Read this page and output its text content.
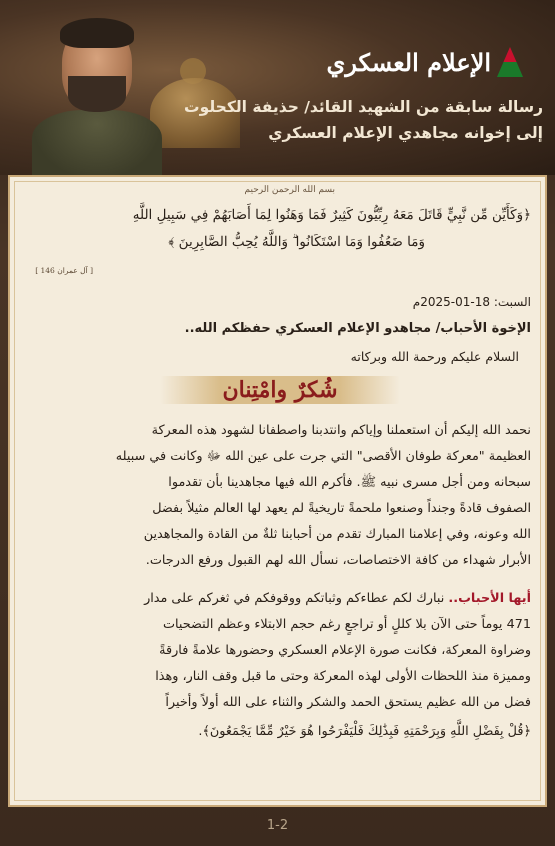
الإعلام العسكري
رسالة سابقة من الشهيد القائد/ حذيفة الكحلوت
إلى إخوانه مجاهدي الإعلام العسكري
بسم الله الرحمن الرحيم
﴿وَكَأَيِّن مِّن نَّبِيٍّ قَاتَلَ مَعَهُ رِبِّيُّونَ كَثِيرٌ فَمَا وَهَنُوا لِمَا أَصَابَهُمْ فِي سَبِيلِ اللَّهِ
وَمَا ضَعُفُوا وَمَا اسْتَكَانُوا ۗ وَاللَّهُ يُحِبُّ الصَّابِرِينَ ﴾
[ آل عمران 146 ]
السبت: 18-01-2025م
الإخوة الأحباب/ مجاهدو الإعلام العسكري حفظكم الله..
السلام عليكم ورحمة الله وبركاته
شُكرٌ وامْتِنان
نحمد الله إليكم أن استعملنا وإياكم وانتدبنا واصطفانا لشهود هذه المعركة
العظيمة "معركة طوفان الأقصى" التي جرت على عين الله ﷻ وكانت في سبيله
سبحانه ومن أجل مسرى نبيه ﷺ. فأكرم الله فيها مجاهدينا بأن تقدموا
الصفوف قادةً وجنداً وصنعوا ملحمةً تاريخيةً لم يعهد لها العالم مثيلاً بفضل
الله وعونه، وفي إعلامنا المبارك تقدم من أحبابنا ثلةٌ من القادة والمجاهدين
الأبرار شهداء من كافة الاختصاصات، نسأل الله لهم القبول ورفع الدرجات.
أيها الأحباب.. نبارك لكم عطاءكم وثباتكم ووقوفكم في ثغركم على مدار
471 يوماً حتى الآن بلا كللٍ أو تراجعٍ رغم حجم الابتلاء وعظم التضحيات
وضراوة المعركة، فكانت صورة الإعلام العسكري وحضورها علامةً فارقةً
ومميزة منذ اللحظات الأولى لهذه المعركة وحتى ما قبل وقف النار، وهذا
فضل من الله عظيم يستحق الحمد والشكر والثناء على الله أولاً وأخيراً
﴿قُلْ بِفَضْلِ اللَّهِ وَبِرَحْمَتِهِ فَبِذَٰلِكَ فَلْيَفْرَحُوا هُوَ خَيْرٌ مِّمَّا يَجْمَعُونَ﴾.
1-2
